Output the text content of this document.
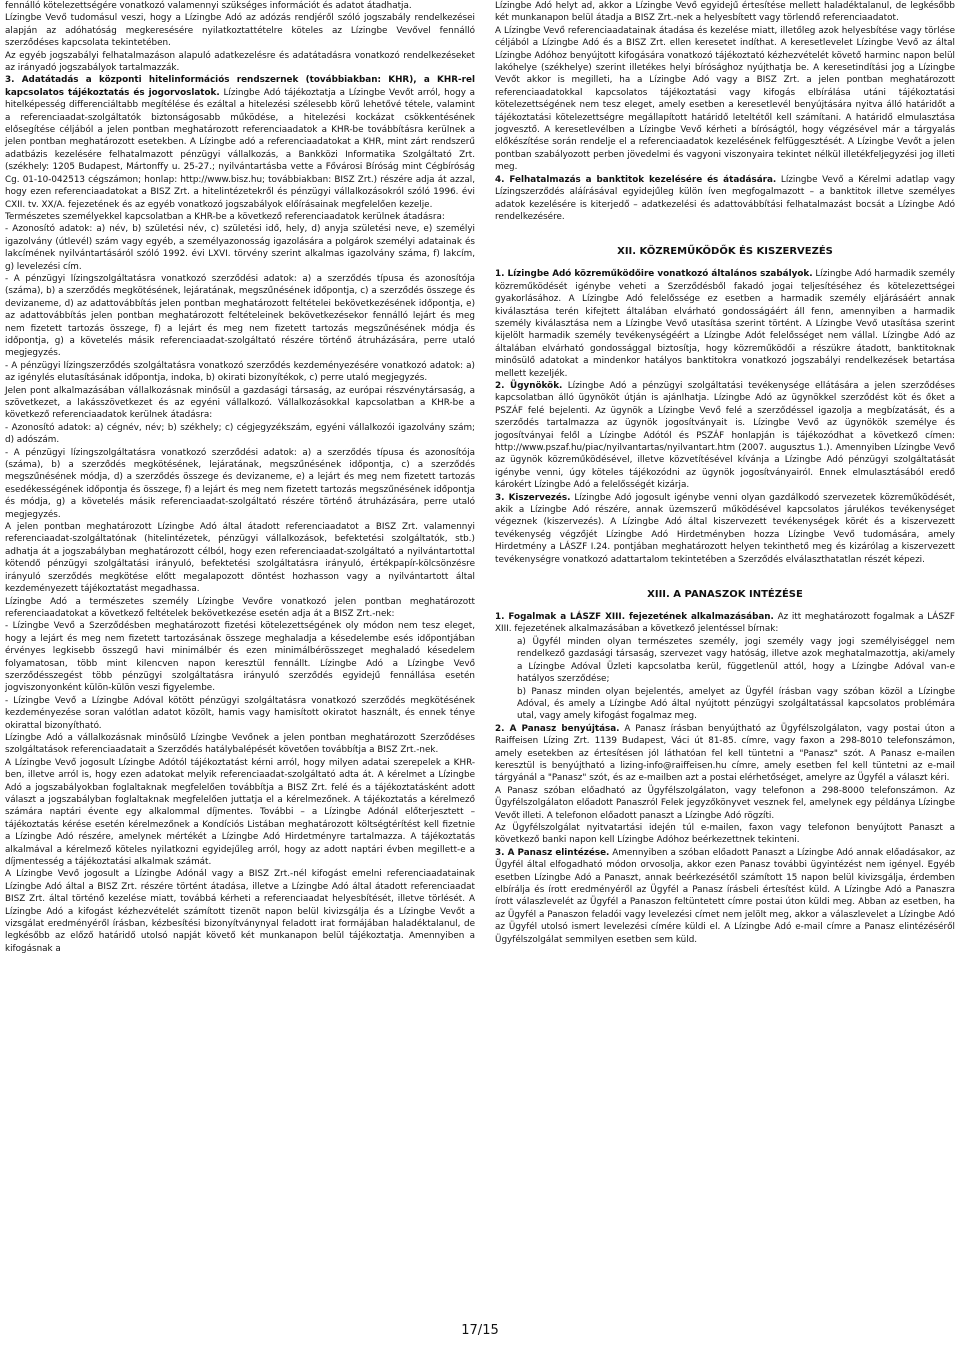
fennálló kötelezettségére vonatkozó valamennyi szükséges információt és adatot átadhatja.

Lízingbe Vevő tudomásul veszi, hogy a Lízingbe Adó az adózás rendjéről szóló jogszabály rendelkezései alapján az adóhatóság megkeresésére nyilatkoztattételre köteles az Lízingbe Vevővel fennálló szerződéses kapcsolata tekintetében.

Az egyéb jogszabályi felhatalmazáson alapuló adatkezelésre és adatátadásra vonatkozó rendelkezéseket az irányadó jogszabályok tartalmazzák.

3. Adatátadás a központi hitelinformációs rendszernek (továbbiakban: KHR), a KHR-rel kapcsolatos tájékoztatás és jogorvoslatok. Lízingbe Adó tájékoztatja a Lízingbe Vevőt arról, hogy a hitelképesség differenciáltabb megítélése és ezáltal a hitelezési szélesebb körű lehetővé tétele, valamint a referenciaadat-szolgáltatók biztonságosabb működése, a hitelezési kockázat csökkentésének elősegítése céljából a jelen pontban meghatározott referenciaadatok a KHR-be továbbításra kerülnek a jelen pontban meghatározott esetekben. A Lízingbe adó a referenciaadatokat a KHR, mint zárt rendszerű adatbázis kezelésére felhatalmazott pénzügyi vállalkozás, a Bankközi Informatika Szolgáltató Zrt. (székhely: 1205 Budapest, Mártonffy u. 25-27.; nyilvántartásba vette a Fővárosi Bíróság mint Cégbíróság Cg. 01-10-042513 cégszámon; honlap: http://www.bisz.hu; továbbiakban: BISZ Zrt.) részére adja át azzal, hogy ezen referenciaadatokat a BISZ Zrt. a hitelintézetekről és pénzügyi vállalkozásokról szóló 1996. évi CXII. tv. XX/A. fejezetének és az egyéb vonatkozó jogszabályok előírásainak megfelelően kezelje.

Természetes személyekkel kapcsolatban a KHR-be a következő referenciaadatok kerülnek átadásra:

- Azonosító adatok: a) név, b) születési név, c) születési idő, hely, d) anyja születési neve, e) személyi igazolvány (útlevél) szám vagy egyéb, a személyazonosság igazolására a polgárok személyi adatainak és lakcímének nyilvántartásáról szóló 1992. évi LXVI. törvény szerint alkalmas igazolvány száma, f) lakcím, g) levelezési cím.

- A pénzügyi lízingszolgáltatásra vonatkozó szerződési adatok: a) a szerződés típusa és azonosítója (száma), b) a szerződés megkötésének, lejáratának, megszűnésének időpontja, c) a szerződés összege és devizaneme, d) az adattovábbítás jelen pontban meghatározott feltételei bekövetkezésének időpontja, e) az adattovábbítás jelen pontban meghatározott feltételeinek bekövetkezésekor fennálló lejárt és meg nem fizetett tartozás összege, f) a lejárt és meg nem fizetett tartozás megszűnésének módja és időpontja, g) a követelés másik referenciaadat-szolgáltató részére történő átruházására, perre utaló megjegyzés.

- A pénzügyi lízingszerződés szolgáltatásra vonatkozó szerződés kezdeményezésére vonatkozó adatok: a) az igénylés elutasításának időpontja, indoka, b) okirati bizonyítékok, c) perre utaló megjegyzés.

Jelen pont alkalmazásában vállalkozásnak minősül a gazdasági társaság, az európai részvénytársaság, a szövetkezet, a lakásszövetkezet és az egyéni vállalkozó. Vállalkozásokkal kapcsolatban a KHR-be a következő referenciaadatok kerülnek átadásra:

- Azonosító adatok: a) cégnév, név; b) székhely; c) cégjegyzékszám, egyéni vállalkozói igazolvány szám; d) adószám.

- A pénzügyi lízingszolgáltatásra vonatkozó szerződési adatok: a) a szerződés típusa és azonosítója (száma), b) a szerződés megkötésének, lejáratának, megszűnésének időpontja, c) a szerződés megszűnésének módja, d) a szerződés összege és devizaneme, e) a lejárt és meg nem fizetett tartozás esedékességének időpontja és összege, f) a lejárt és meg nem fizetett tartozás megszűnésének időpontja és módja, g) a követelés másik referenciaadat-szolgáltató részére történő átruházására, perre utaló megjegyzés.

A jelen pontban meghatározott Lízingbe Adó által átadott referenciaadatot a BISZ Zrt. valamennyi referenciaadat-szolgáltatónak (hitelintézetek, pénzügyi vállalkozások, befektetési szolgáltatók, stb.) adhatja át a jogszabályban meghatározott célból, hogy ezen referenciaadat-szolgáltató a nyilvántartottal kötendő pénzügyi szolgáltatási irányuló, befektetési szolgáltatásra irányuló, értékpapír-kölcsönzésre irányuló szerződés megkötése előtt megalapozott döntést hozhasson vagy a nyilvántartott által kezdeményezett tájékoztatást megadhassa.

Lízingbe Adó a természetes személy Lízingbe Vevőre vonatkozó jelen pontban meghatározott referenciaadatokat a következő feltételek bekövetkezése esetén adja át a BISZ Zrt.-nek:

- Lízingbe Vevő a Szerződésben meghatározott fizetési kötelezettségének oly módon nem tesz eleget, hogy a lejárt és meg nem fizetett tartozásának összege meghaladja a késedelembe esés időpontjában érvényes legkisebb összegű havi minimálbér és ezen minimálbérösszeget meghaladó késedelem folyamatosan, több mint kilencven napon keresztül fennállt. Lízingbe Adó a Lízingbe Vevő szerződésszegést több pénzügyi szolgáltatásra irányuló szerződés egyidejű fennállása esetén jogviszonyonként külön-külön veszi figyelembe.

- Lízingbe Vevő a Lízingbe Adóval kötött pénzügyi szolgáltatásra vonatkozó szerződés megkötésének kezdeményezése soran valótlan adatot közölt, hamis vagy hamisított okiratot használt, és ennek ténye okirattal bizonyítható.

Lízingbe Adó a vállalkozásnak minősülő Lízingbe Vevőnek a jelen pontban meghatározott Szerződéses szolgáltatások referenciaadatait a Szerződés hatálybalépését követően továbbítja a BISZ Zrt.-nek.

A Lízingbe Vevő jogosult Lízingbe Adótól tájékoztatást kérni arról, hogy milyen adatai szerepelek a KHR-ben, illetve arról is, hogy ezen adatokat melyik referenciaadat-szolgáltató adta át. A kérelmet a Lízingbe Adó a jogszabályokban foglaltaknak megfelelően továbbítja a BISZ Zrt. felé és a tájékoztatásként adott választ a jogszabályban foglaltaknak megfelelően juttatja el a kérelmezőnek. A tájékoztatás a kérelmező számára naptári évente egy alkalommal díjmentes. További – a Lízingbe Adónál előterjesztett – tájékoztatás kérése esetén kérelmezőnek a Kondíciós Listában meghatározott költségtérítést kell fizetnie a Lízingbe Adó részére, amelynek mértékét a Lízingbe Adó Hirdetményre tartalmazza. A tájékoztatás alkalmával a kérelmező köteles nyilatkozni egyidejűleg arról, hogy az adott naptári évben megillett-e a díjmentesség a tájékoztatási alkalmak számát.

A Lízingbe Vevő jogosult a Lízingbe Adónál vagy a BISZ Zrt.-nél kifogást emelni referenciaadatainak Lízingbe Adó által a BISZ Zrt. részére történt átadása, illetve a Lízingbe Adó által átadott referenciaadat BISZ Zrt. által történő kezelése miatt, továbbá kérheti a referenciaadat helyesbítését, illetve törlését. A Lízingbe Adó a kifogást kézhezvételét számított tizenöt napon belül kivizsgálja és a Lízingbe Vevőt a vizsgálat eredményéről írásban, kézbesítési bizonyítványnyal feladott irat formájában haladéktalanul, de legkésőbb az előző határidő utolsó napját követő két munkanapon belül tájékoztatja. Amennyiben a kifogásnak a

Lízingbe Adó helyt ad, akkor a Lízingbe Vevő egyidejű értesítése mellett haladéktalanul, de legkésőbb két munkanapon belül átadja a BISZ Zrt.-nek a helyesbített vagy törlendő referenciaadatot.

A Lízingbe Vevő referenciaadatainak átadása és kezelése miatt, illetőleg azok helyesbítése vagy törlése céljából a Lízingbe Adó és a BISZ Zrt. ellen keresetet indíthat. A keresetlevelet Lízingbe Vevő az által Lízingbe Adóhoz benyújtott kifogására vonatkozó tájékoztató kézhezvételét követő harminc napon belül lakóhelye (székhelye) szerint illetékes helyi bírósághoz nyújthatja be. A keresetindítási jog a Lízingbe Vevőt akkor is megilleti, ha a Lízingbe Adó vagy a BISZ Zrt. a jelen pontban meghatározott referenciaadatokkal kapcsolatos tájékoztatási vagy kifogás elbírálása utáni tájékoztatási kötelezettségének nem tesz eleget, amely esetben a keresetlevél benyújtására nyitva álló határidőt a tájékoztatási kötelezettségre megállapított határidő leteltétől kell számítani. A határidő elmulasztása jogvesztő. A keresetlevélben a Lízingbe Vevő kérheti a bíróságtól, hogy végzésével már a tárgyalás előkészítése során rendelje el a referenciaadatok kezelésének felfüggesztését. A Lízingbe Vevőt a jelen pontban szabályozott perben jövedelmi és vagyoni viszonyaira tekintet nélkül illetékfeljegyzési jog illeti meg.

4. Felhatalmazás a banktitok kezelésére és átadására. Lízingbe Vevő a Kérelmi adatlap vagy Lízingszerződés aláírásával egyidejűleg külön íven megfogalmazott – a banktitok illetve személyes adatok kezelésére is kiterjedő – adatkezelési és adattovábbítási felhatalmazást bocsát a Lízingbe Adó rendelkezésére.

XII. KÖZREMŰKÖDŐK ÉS KISZERVEZÉS

1. Lízingbe Adó közreműködőire vonatkozó általános szabályok. Lízingbe Adó harmadik személy közreműködését igénybe veheti a Szerződésből fakadó jogai teljesítéséhez és kötelezettségei gyakorlásához. A Lízingbe Adó felelőssége ez esetben a harmadik személy eljárásáért annak kiválasztása terén kifejtett általában elvárható gondosságáért áll fenn, amennyiben a harmadik személy kiválasztása nem a Lízingbe Vevő utasítása szerint történt. A Lízingbe Vevő utasítása szerint kijelölt harmadik személy tevékenységéért a Lízingbe Adót felelősséget nem vállal. Lízingbe Adó az általában elvárható gondossággal biztosítja, hogy közreműködői a részükre átadott, banktitoknak minősülő adatokat a mindenkor hatályos banktitokra vonatkozó jogszabályi rendelkezések betartása mellett kezeljék.

2. Ügynökök. Lízingbe Adó a pénzügyi szolgáltatási tevékenysége ellátására a jelen szerződéses kapcsolatban álló ügynököt útján is ajánlhatja. Lízingbe Adó az ügynökkel szerződést köt és őket a PSZÁF felé bejelenti. Az ügynök a Lízingbe Vevő felé a szerződéssel igazolja a megbízatását, és a szerződés tartalmazza az ügynök jogosítványait is. Lízingbe Vevő az ügynökök személye és jogosítványai felől a Lízingbe Adótól és PSZÁF honlapján is tájékozódhat a következő címen: http://www.pszaf.hu/piac/nyilvantartas/nyilvantart.htm (2007. augusztus 1.). Amennyiben Lízingbe Vevő az ügynök közreműködésével, illetve közvetítésével kívánja a Lízingbe Adó pénzügyi szolgáltatását igénybe venni, úgy köteles tájékozódni az ügynök jogosítványairól. Ennek elmulasztásából eredő károkért Lízingbe Adó a felelősségét kizárja.

3. Kiszervezés. Lízingbe Adó jogosult igénybe venni olyan gazdálkodó szervezetek közreműködését, akik a Lízingbe Adó részére, annak üzemszerű működésével kapcsolatos járulékos tevékenységet végeznek (kiszervezés). A Lízingbe Adó által kiszervezett tevékenységek körét és a kiszervezett tevékenység végzőjét Lízingbe Adó Hirdetményben hozza Lízingbe Vevő tudomására, amely Hirdetmény a LÁSZF I.24. pontjában meghatározott helyen tekinthető meg és kizárólag a kiszervezett tevékenységre vonatkozó adattartalom tekintetében a Szerződés elválaszthatatlan részét képezi.

XIII. A PANASZOK INTÉZÉSE

1. Fogalmak a LÁSZF XIII. fejezetének alkalmazásában. Az itt meghatározott fogalmak a LÁSZF XIII. fejezetének alkalmazásában a következő jelentéssel bírnak:

a) Ügyfél minden olyan természetes személy, jogi személy vagy jogi személyiséggel nem rendelkező gazdasági társaság, szervezet vagy hatóság, illetve azok meghatalmazottja, aki/amely a Lízingbe Adóval Üzleti kapcsolatba kerül, függetlenül attól, hogy a Lízingbe Adóval van-e hatályos szerződése;

b) Panasz minden olyan bejelentés, amelyet az Ügyfél írásban vagy szóban közöl a Lízingbe Adóval, és amely a Lízingbe Adó által nyújtott pénzügyi szolgáltatással kapcsolatos problémára utal, vagy amely kifogást fogalmaz meg.

2. A Panasz benyújtása. A Panasz írásban benyújtható az Ügyfélszolgálaton, vagy postai úton a Raiffeisen Lízing Zrt. 1139 Budapest, Váci út 81-85. címre, vagy faxon a 298-8010 telefonszámon, amely esetekben az értesítésen jól láthatóan fel kell tüntetni a "Panasz" szót. A Panasz e-mailen keresztül is benyújtható a lizing-info@raiffeisen.hu címre, amely esetben fel kell tüntetni az e-mail tárgyánál a "Panasz" szót, és az e-mailben azt a postai elérhetőséget, amelyre az Ügyfél a választ kéri.

A Panasz szóban előadható az Ügyfélszolgálaton, vagy telefonon a 298-8000 telefonszámon. Az Ügyfélszolgálaton előadott Panaszról Felek jegyzőkönyvet vesznek fel, amelynek egy példánya Lízingbe Vevőt illeti. A telefonon előadott panaszt a Lízingbe Adó rögzíti.

Az Ügyfélszolgálat nyitvatartási idején túl e-mailen, faxon vagy telefonon benyújtott Panaszt a következő banki napon kell Lízingbe Adóhoz beérkezettnek tekinteni.

3. A Panasz elintézése. Amennyiben a szóban előadott Panaszt a Lízingbe Adó annak előadásakor, az Ügyfél által elfogadható módon orvosolja, akkor ezen Panasz további ügyintézést nem igényel. Egyéb esetben Lízingbe Adó a Panaszt, annak beérkezésétől számított 15 napon belül kivizsgálja, érdemben elbírálja és írott eredményéről az Ügyfél a Panasz írásbeli értesítést küld. A Lízingbe Adó a Panaszra írott válaszlevelét az Ügyfél a Panaszon feltüntetett címre postai úton küldi meg. Abban az esetben, ha az Ügyfél a Panaszon feladói vagy levelezési címet nem jelölt meg, akkor a válaszlevelet a Lízingbe Adó az Ügyfél utolsó ismert levelezési címére küldi el. A Lízingbe Adó e-mail címre a Panasz elintézéséről Ügyfélszolgálat semmilyen esetben sem küld.

17/15
